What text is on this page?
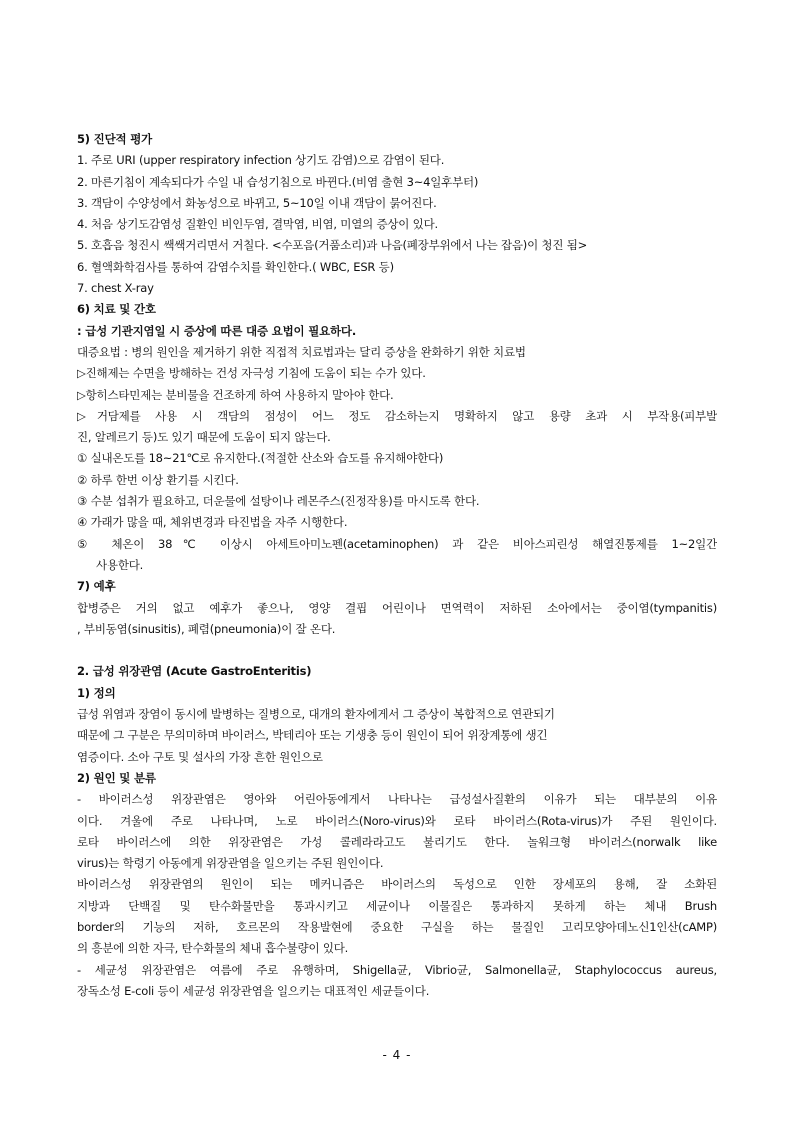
5) 진단적 평가
1. 주로 URI (upper respiratory infection 상기도 감염)으로 감염이 된다.
2. 마른기침이 계속되다가 수일 내 습성기침으로 바뀐다.(비염 출현 3~4일후부터)
3. 객담이 수양성에서 화농성으로 바뀌고, 5~10일 이내 객담이 묽어진다.
4. 처음 상기도감염성 질환인 비인두염, 결막염, 비염, 미열의 증상이 있다.
5. 호흡음 청진시 쌕쌕거리면서 거칠다. <수포음(거품소리)과 나음(폐장부위에서 나는 잡음)이 청진 됨>
6. 혈액화학검사를 통하여 감염수치를 확인한다.( WBC, ESR 등)
7. chest X-ray
6) 치료 및 간호
: 급성 기관지염일 시 증상에 따른 대증 요법이 필요하다.
대증요법 : 병의 원인을 제거하기 위한 직접적 치료법과는 달리 증상을 완화하기 위한 치료법
▷진해제는 수면을 방해하는 건성 자극성 기침에 도움이 되는 수가 있다.
▷항히스타민제는 분비물을 건조하게 하여 사용하지 말아야 한다.
▷거담제를 사용 시 객담의 점성이 어느 정도 감소하는지 명확하지 않고 용량 초과 시 부작용(피부발
진, 알레르기 등)도 있기 때문에 도움이 되지 않는다.
① 실내온도를 18~21℃로 유지한다.(적절한 산소와 습도를 유지해야한다)
② 하루 한번 이상 환기를 시킨다.
③ 수분 섭취가 필요하고, 더운물에 설탕이나 레몬주스(진정작용)를 마시도록 한다.
④ 가래가 많을 때, 체위변경과 타진법을 자주 시행한다.
⑤ 체온이 38℃ 이상시 아세트아미노펜(acetaminophen) 과 같은 비아스피린성 해열진통제를 1~2일간
사용한다.
7) 예후
합병증은 거의 없고 예후가 좋으나, 영양 결핍 어린이나 면역력이 저하된 소아에서는 중이염(tympanitis)
, 부비동염(sinusitis), 폐렴(pneumonia)이 잘 온다.
2. 급성 위장관염 (Acute GastroEnteritis)
1) 정의
급성 위염과 장염이 동시에 발병하는 질병으로, 대개의 환자에게서 그 증상이 복합적으로 연관되기
때문에 그 구분은 무의미하며 바이러스, 박테리아 또는 기생충 등이 원인이 되어 위장계통에 생긴
염증이다. 소아 구토 및 설사의 가장 흔한 원인으로
2) 원인 및 분류
- 바이러스성 위장관염은 영아와 어린아동에게서 나타나는 급성설사질환의 이유가 되는 대부분의 이유
이다. 겨울에 주로 나타나며, 노로 바이러스(Noro-virus)와 로타 바이러스(Rota-virus)가 주된 원인이다.
로타 바이러스에 의한 위장관염은 가성 콜레라라고도 불리기도 한다. 놀워크형 바이러스(norwalk like
virus)는 학령기 아동에게 위장관염을 일으키는 주된 원인이다.
바이러스성 위장관염의 원인이 되는 메커니즘은 바이러스의 독성으로 인한 장세포의 용해, 잘 소화된
지방과 단백질 및 탄수화물만을 통과시키고 세균이나 이물질은 통과하지 못하게 하는 체내 Brush
border의 기능의 저하, 호르몬의 작용발현에 중요한 구실을 하는 물질인 고리모양아데노신1인산(cAMP)
의 흥분에 의한 자극, 탄수화물의 체내 흡수불량이 있다.
- 세균성 위장관염은 여름에 주로 유행하며, Shigella균, Vibrio균, Salmonella균, Staphylococcus aureus,
장독소성 E-coli 등이 세균성 위장관염을 일으키는 대표적인 세균들이다.
- 4 -
